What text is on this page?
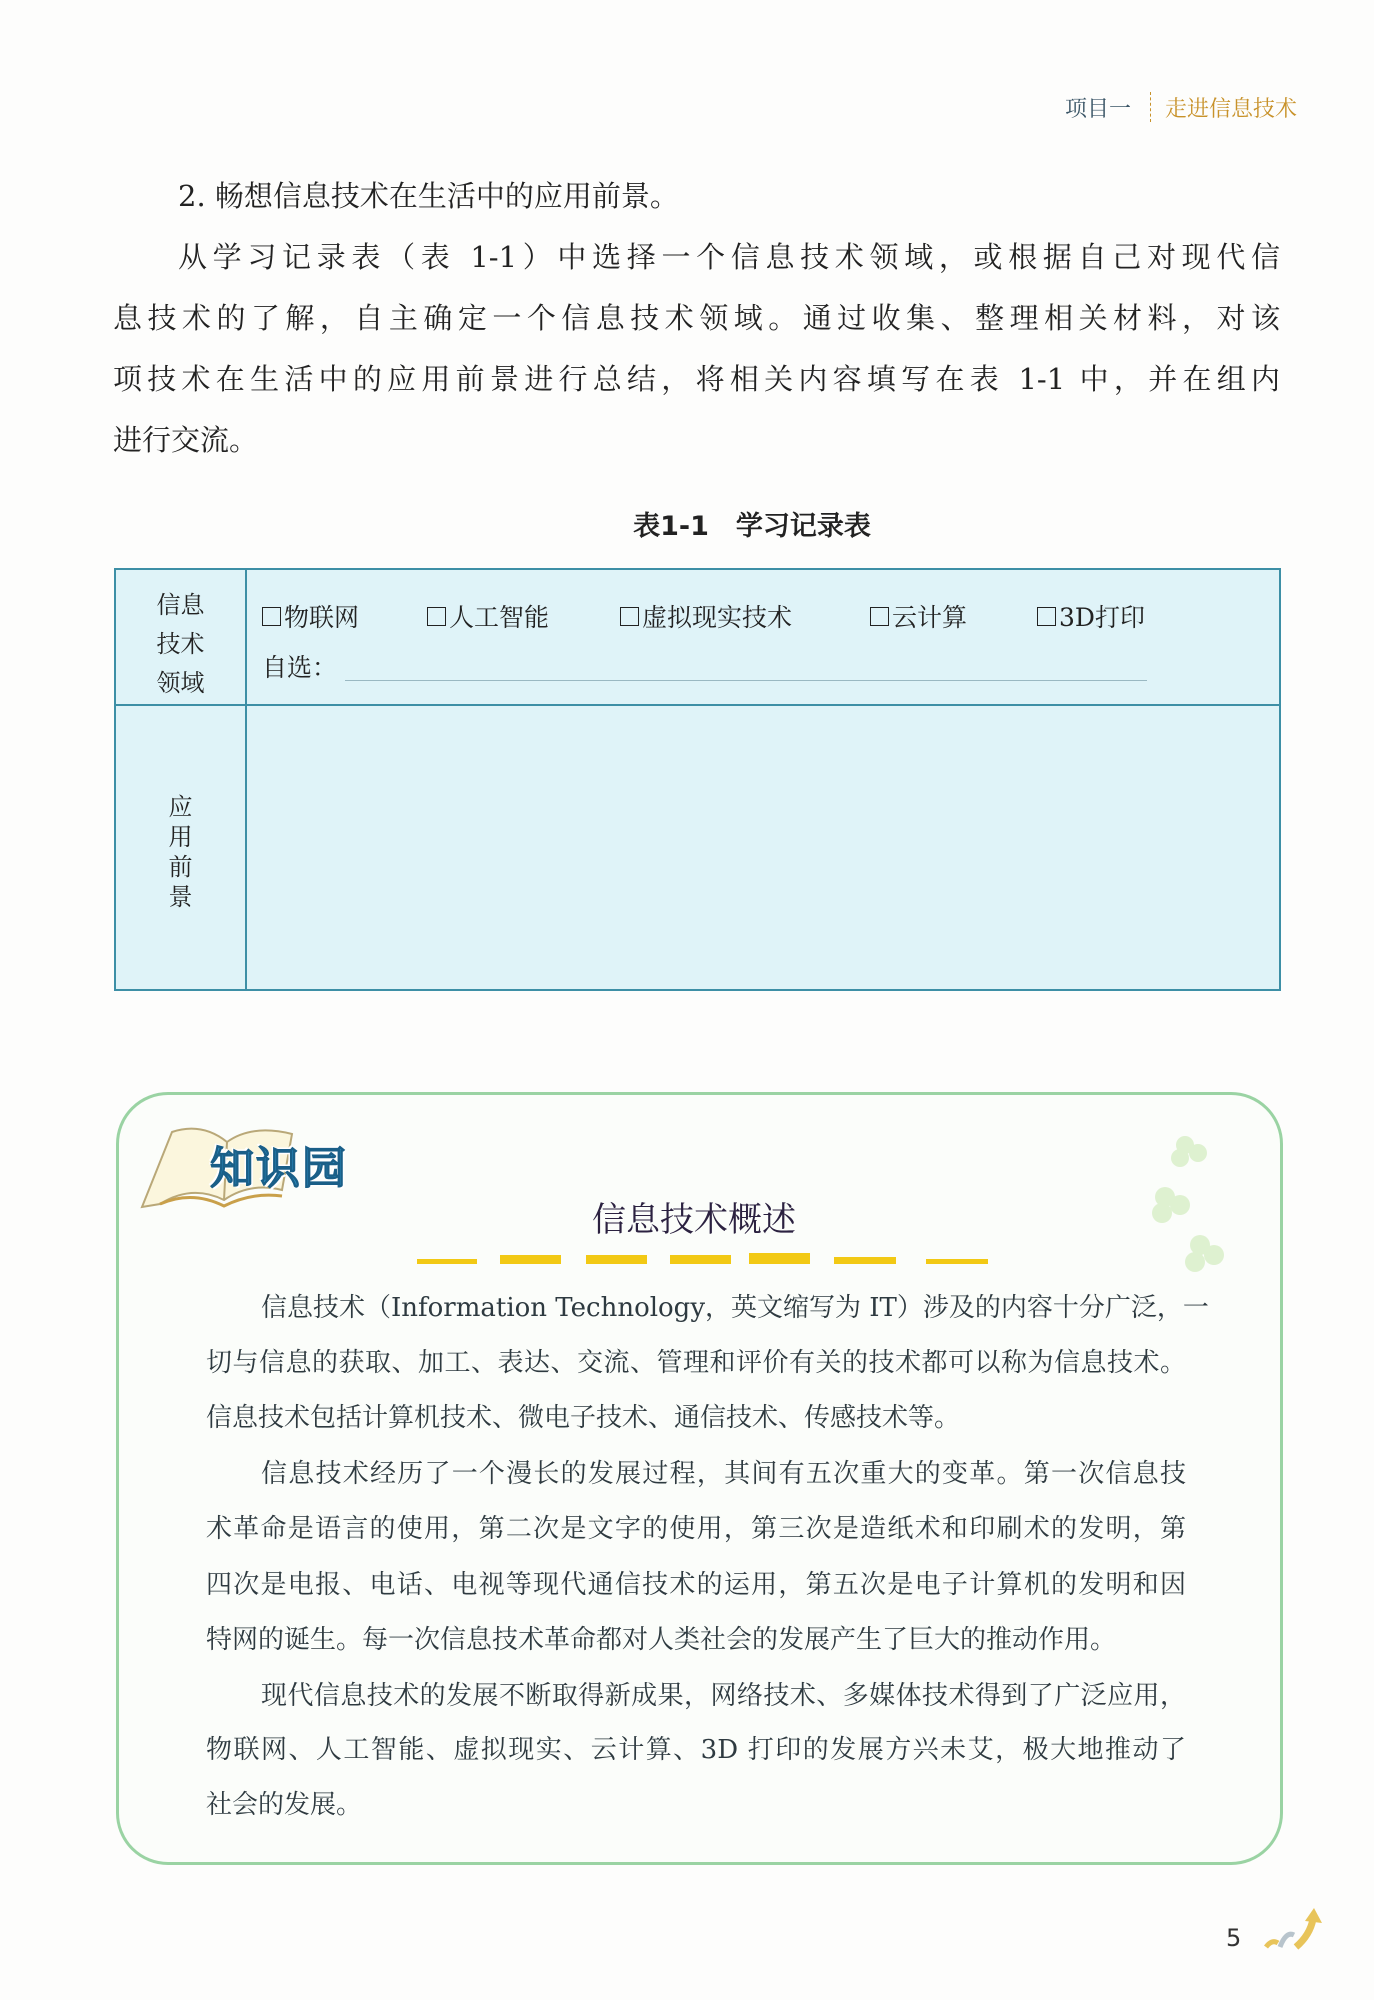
项目一 走进信息技术
2. 畅想信息技术在生活中的应用前景。
从学习记录表（表 1-1）中选择一个信息技术领域，或根据自己对现代信
息技术的了解，自主确定一个信息技术领域。通过收集、整理相关材料，对该
项技术在生活中的应用前景进行总结，将相关内容填写在表 1-1 中，并在组内
进行交流。
表1-1　学习记录表
信息
技术
领域
物联网	人工智能	虚拟现实技术	云计算	3D打印
自选：
应
用
前
景
知识园
信息技术概述
信息技术（Information Technology，英文缩写为 IT）涉及的内容十分广泛，一
切与信息的获取、加工、表达、交流、管理和评价有关的技术都可以称为信息技术。
信息技术包括计算机技术、微电子技术、通信技术、传感技术等。
信息技术经历了一个漫长的发展过程，其间有五次重大的变革。第一次信息技
术革命是语言的使用，第二次是文字的使用，第三次是造纸术和印刷术的发明，第
四次是电报、电话、电视等现代通信技术的运用，第五次是电子计算机的发明和因
特网的诞生。每一次信息技术革命都对人类社会的发展产生了巨大的推动作用。
现代信息技术的发展不断取得新成果，网络技术、多媒体技术得到了广泛应用，
物联网、人工智能、虚拟现实、云计算、3D 打印的发展方兴未艾，极大地推动了
社会的发展。
5
